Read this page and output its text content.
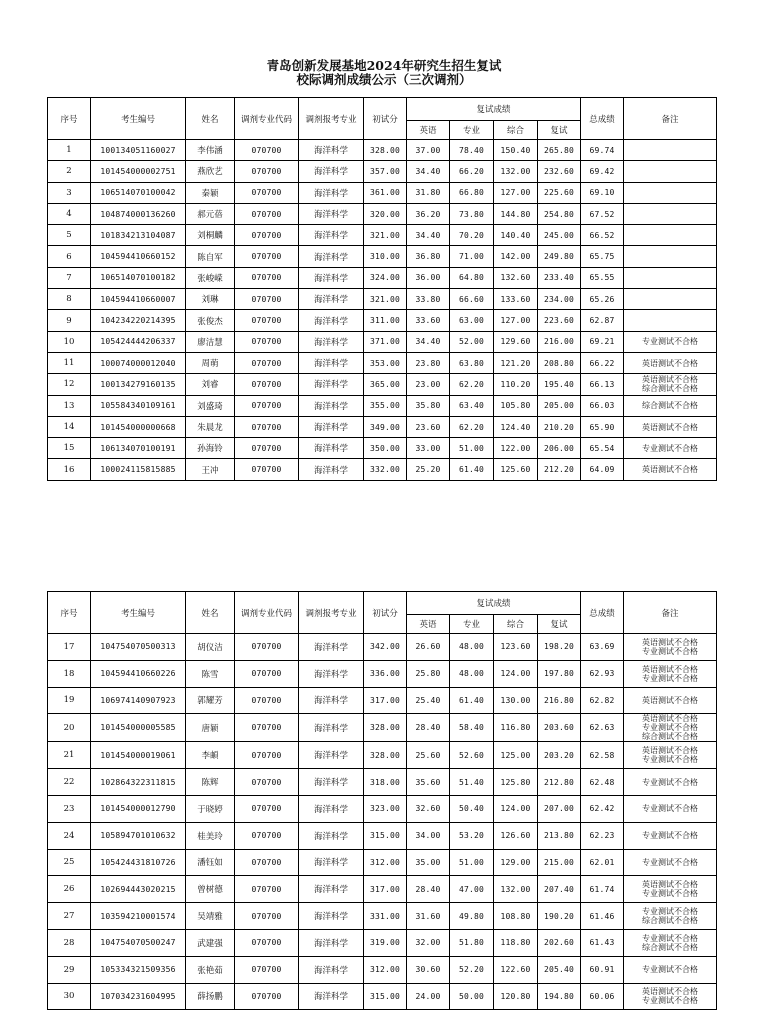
青岛创新发展基地2024年研究生招生复试
校际调剂成绩公示（三次调剂）
序号	考生编号	姓名	调剂专业代码	调剂报考专业	初试分	复试成绩				总成绩	备注
						英语	专业	综合	复试		
1	100134051160027	李伟涵	070700	海洋科学	328.00	37.00	78.40	150.40	265.80	69.74	
2	101454000002751	燕欣艺	070700	海洋科学	357.00	34.40	66.20	132.00	232.60	69.42	
3	106514070100042	秦颖	070700	海洋科学	361.00	31.80	66.80	127.00	225.60	69.10	
4	104874000136260	郝元蓓	070700	海洋科学	320.00	36.20	73.80	144.80	254.80	67.52	
5	101834213104087	刘桐麟	070700	海洋科学	321.00	34.40	70.20	140.40	245.00	66.52	
6	104594410660152	陈自军	070700	海洋科学	310.00	36.80	71.00	142.00	249.80	65.75	
7	106514070100182	张峻嵘	070700	海洋科学	324.00	36.00	64.80	132.60	233.40	65.55	
8	104594410660007	刘琳	070700	海洋科学	321.00	33.80	66.60	133.60	234.00	65.26	
9	104234220214395	张俊杰	070700	海洋科学	311.00	33.60	63.00	127.00	223.60	62.87	
10	105424444206337	廖洁慧	070700	海洋科学	371.00	34.40	52.00	129.60	216.00	69.21	专业测试不合格

11	100074000012040	周萌	070700	海洋科学	353.00	23.80	63.80	121.20	208.80	66.22	英语测试不合格

12	100134279160135	刘睿	070700	海洋科学	365.00	23.00	62.20	110.20	195.40	66.13	英语测试不合格
综合测试不合格

13	105584340109161	刘盛琦	070700	海洋科学	355.00	35.80	63.40	105.80	205.00	66.03	综合测试不合格

14	101454000000668	朱晨龙	070700	海洋科学	349.00	23.60	62.20	124.40	210.20	65.90	英语测试不合格

15	106134070100191	孙海铃	070700	海洋科学	350.00	33.00	51.00	122.00	206.00	65.54	专业测试不合格

16	100024115815885	王冲	070700	海洋科学	332.00	25.20	61.40	125.60	212.20	64.09	英语测试不合格
序号	考生编号	姓名	调剂专业代码	调剂报考专业	初试分	复试成绩				总成绩	备注
						英语	专业	综合	复试		
17	104754070500313	胡仪洁	070700	海洋科学	342.00	26.60	48.00	123.60	198.20	63.69	英语测试不合格
专业测试不合格

18	104594410660226	陈雪	070700	海洋科学	336.00	25.80	48.00	124.00	197.80	62.93	英语测试不合格
专业测试不合格

19	106974140907923	郭耀芳	070700	海洋科学	317.00	25.40	61.40	130.00	216.80	62.82	英语测试不合格

20	101454000005585	唐颖	070700	海洋科学	328.00	28.40	58.40	116.80	203.60	62.63	英语测试不合格
专业测试不合格
综合测试不合格

21	101454000019061	李頔	070700	海洋科学	328.00	25.60	52.60	125.00	203.20	62.58	英语测试不合格
专业测试不合格

22	102864322311815	陈辉	070700	海洋科学	318.00	35.60	51.40	125.80	212.80	62.48	专业测试不合格

23	101454000012790	于晓婷	070700	海洋科学	323.00	32.60	50.40	124.00	207.00	62.42	专业测试不合格

24	105894701010632	桂美玲	070700	海洋科学	315.00	34.00	53.20	126.60	213.80	62.23	专业测试不合格

25	105424431810726	潘钰如	070700	海洋科学	312.00	35.00	51.00	129.00	215.00	62.01	专业测试不合格

26	102694443020215	曾树德	070700	海洋科学	317.00	28.40	47.00	132.00	207.40	61.74	英语测试不合格
专业测试不合格

27	103594210001574	吴靖雅	070700	海洋科学	331.00	31.60	49.80	108.80	190.20	61.46	专业测试不合格
综合测试不合格

28	104754070500247	武建强	070700	海洋科学	319.00	32.00	51.80	118.80	202.60	61.43	专业测试不合格
综合测试不合格

29	105334321509356	张艳茹	070700	海洋科学	312.00	30.60	52.20	122.60	205.40	60.91	专业测试不合格

30	107034231604995	薛扬鹏	070700	海洋科学	315.00	24.00	50.00	120.80	194.80	60.06	英语测试不合格
专业测试不合格
